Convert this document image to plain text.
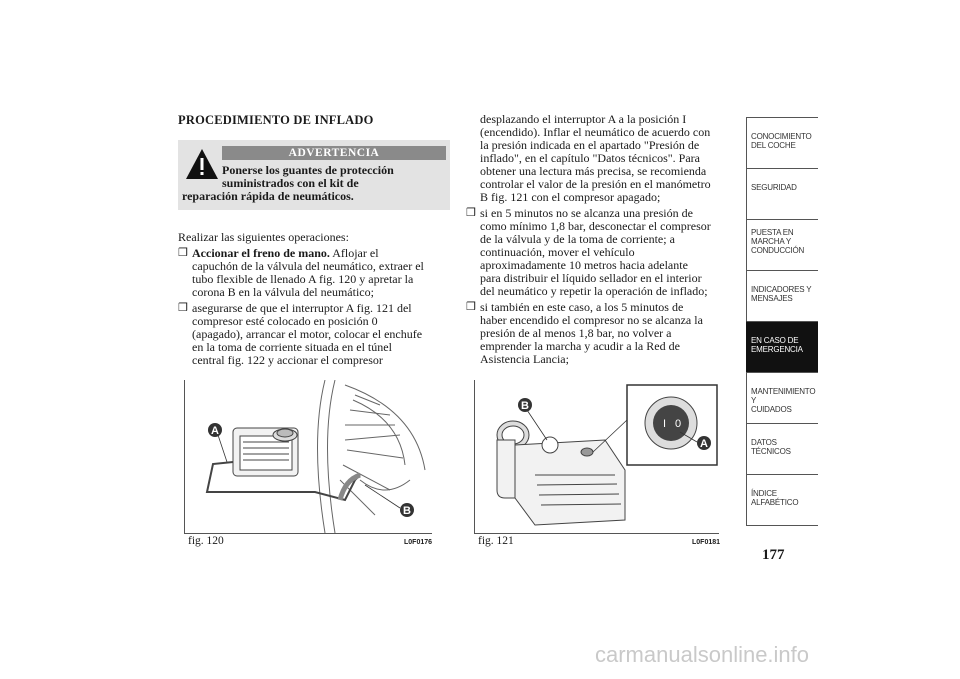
PROCEDIMIENTO DE INFLADO
ADVERTENCIA
Ponerse los guantes de protección
suministrados con el kit de
reparación rápida de neumáticos.

Realizar las siguientes operaciones:

❒ Accionar el freno de mano. Aflojar el
capuchón de la válvula del neumático, extraer el
tubo flexible de llenado A fig. 120 y apretar la
corona B en la válvula del neumático;
❒ asegurarse de que el interruptor A fig. 121 del
compresor esté colocado en posición 0
(apagado), arrancar el motor, colocar el enchufe
en la toma de corriente situada en el túnel
central fig. 122 y accionar el compresor
desplazando el interruptor A a la posición I
(encendido). Inflar el neumático de acuerdo con
la presión indicada en el apartado "Presión de
inflado", en el capítulo "Datos técnicos". Para
obtener una lectura más precisa, se recomienda
controlar el valor de la presión en el manómetro
B fig. 121 con el compresor apagado;
❒ si en 5 minutos no se alcanza una presión de
como mínimo 1,8 bar, desconectar el compresor
de la válvula y de la toma de corriente; a
continuación, mover el vehículo
aproximadamente 10 metros hacia adelante
para distribuir el líquido sellador en el interior
del neumático y repetir la operación de inflado;
❒ si también en este caso, a los 5 minutos de
haber encendido el compresor no se alcanza la
presión de al menos 1,8 bar, no volver a
emprender la marcha y acudir a la Red de
Asistencia Lancia;
A
B
fig. 120	L0F0176
I 0
B
A
fig. 121	L0F0181
CONOCIMIENTO
DEL COCHE
SEGURIDAD
PUESTA EN
MARCHA Y
CONDUCCIÓN
INDICADORES Y
MENSAJES
EN CASO DE
EMERGENCIA
MANTENIMIENTO Y
CUIDADOS
DATOS TÉCNICOS
ÍNDICE
ALFABÉTICO
177
carmanualsonline.info
